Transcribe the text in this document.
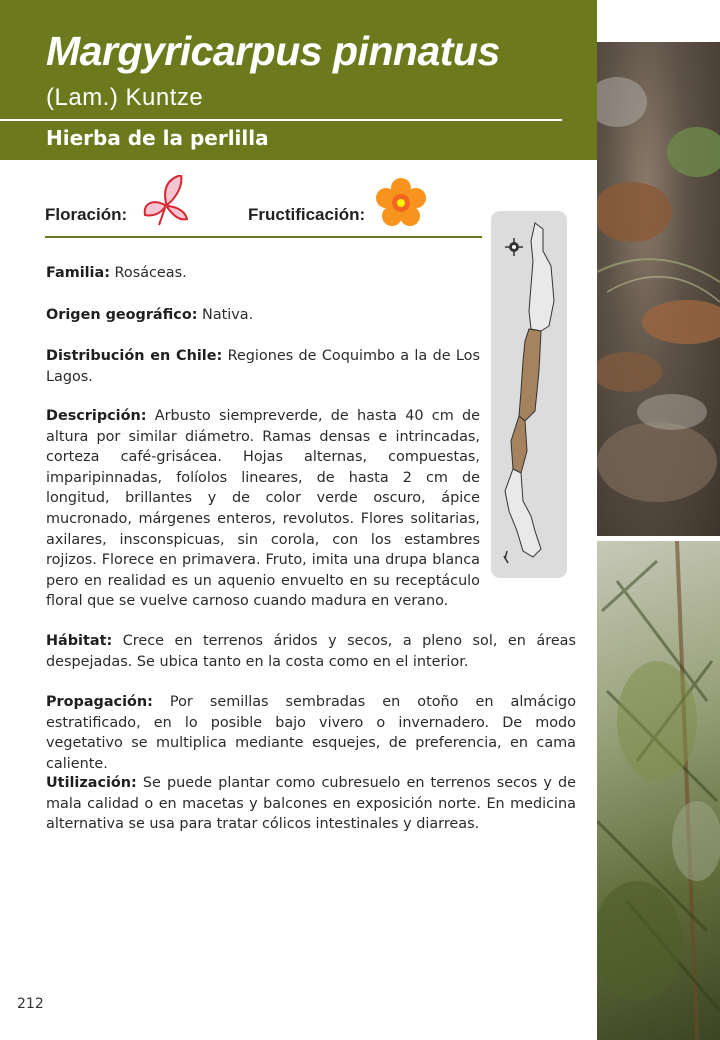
Margyricarpus pinnatus
(Lam.) Kuntze
Hierba de la perlilla
Floración:	Fructificación:

Familia: Rosáceas.

Origen geográfico: Nativa.

Distribución en Chile: Regiones de Coquimbo a la de Los Lagos.

Descripción: Arbusto siempreverde, de hasta 40 cm de altura por similar diámetro. Ramas densas e intrincadas, corteza café-grisácea. Hojas alternas, compuestas, imparipinnadas, folíolos lineares, de hasta 2 cm de longitud, brillantes y de color verde oscuro, ápice mucronado, márgenes enteros, revolutos. Flores solitarias, axilares, insconspicuas, sin corola, con los estambres rojizos. Florece en primavera. Fruto, imita una drupa blanca pero en realidad es un aquenio envuelto en su receptáculo floral que se vuelve carnoso cuando madura en verano.

Hábitat: Crece en terrenos áridos y secos, a pleno sol, en áreas despejadas. Se ubica tanto en la costa como en el interior.

Propagación: Por semillas sembradas en otoño en almácigo estratificado, en lo posible bajo vivero o invernadero. De modo vegetativo se multiplica mediante esquejes, de preferencia, en cama caliente.

Utilización: Se puede plantar como cubresuelo en terrenos secos y de mala calidad o en macetas y balcones en exposición norte. En medicina alternativa se usa para tratar cólicos intestinales y diarreas.

212
